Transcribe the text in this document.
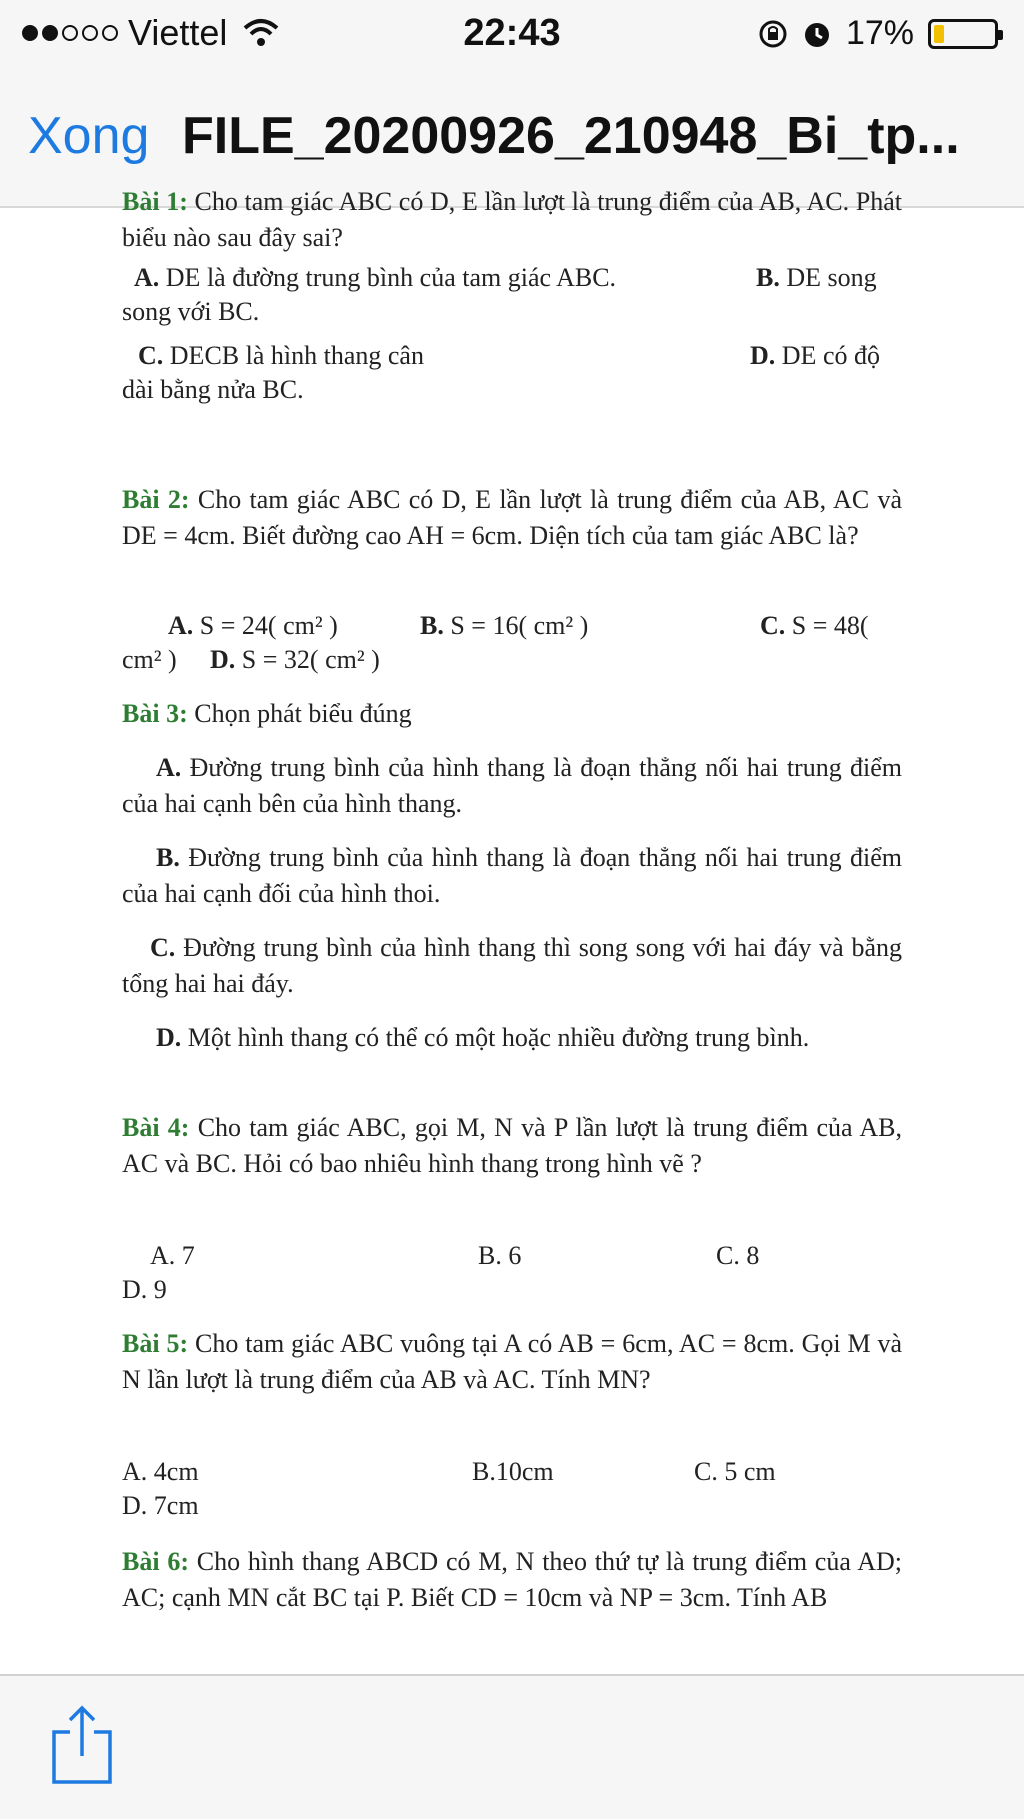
Viettel	22:43	17%
Xong FILE_20200926_210948_Bi_tp...
Bài 1: Cho tam giác ABC có D, E lần lượt là trung điểm của AB, AC. Phát biểu nào sau đây sai?
A. DE là đường trung bình của tam giác ABC.	B. DE song
song với BC.
C. DECB là hình thang cân	D. DE có độ
dài bằng nửa BC.
Bài 2: Cho tam giác ABC có D, E lần lượt là trung điểm của AB, AC và DE = 4cm. Biết đường cao AH = 6cm. Diện tích của tam giác ABC là?
A. S = 24( cm² )	B. S = 16( cm² )	C. S = 48(
cm² ) D. S = 32( cm² )
Bài 3: Chọn phát biểu đúng
A. Đường trung bình của hình thang là đoạn thẳng nối hai trung điểm của hai cạnh bên của hình thang.
B. Đường trung bình của hình thang là đoạn thẳng nối hai trung điểm của hai cạnh đối của hình thoi.
C. Đường trung bình của hình thang thì song song với hai đáy và bằng tổng hai hai đáy.
D. Một hình thang có thể có một hoặc nhiều đường trung bình.
Bài 4: Cho tam giác ABC, gọi M, N và P lần lượt là trung điểm của AB, AC và BC. Hỏi có bao nhiêu hình thang trong hình vẽ ?
A. 7	B. 6	C. 8
D. 9
Bài 5: Cho tam giác ABC vuông tại A có AB = 6cm, AC = 8cm. Gọi M và N lần lượt là trung điểm của AB và AC. Tính MN?
A. 4cm	B.10cm	C. 5 cm
D. 7cm
Bài 6: Cho hình thang ABCD có M, N theo thứ tự là trung điểm của AD; AC; cạnh MN cắt BC tại P. Biết CD = 10cm và NP = 3cm. Tính AB
